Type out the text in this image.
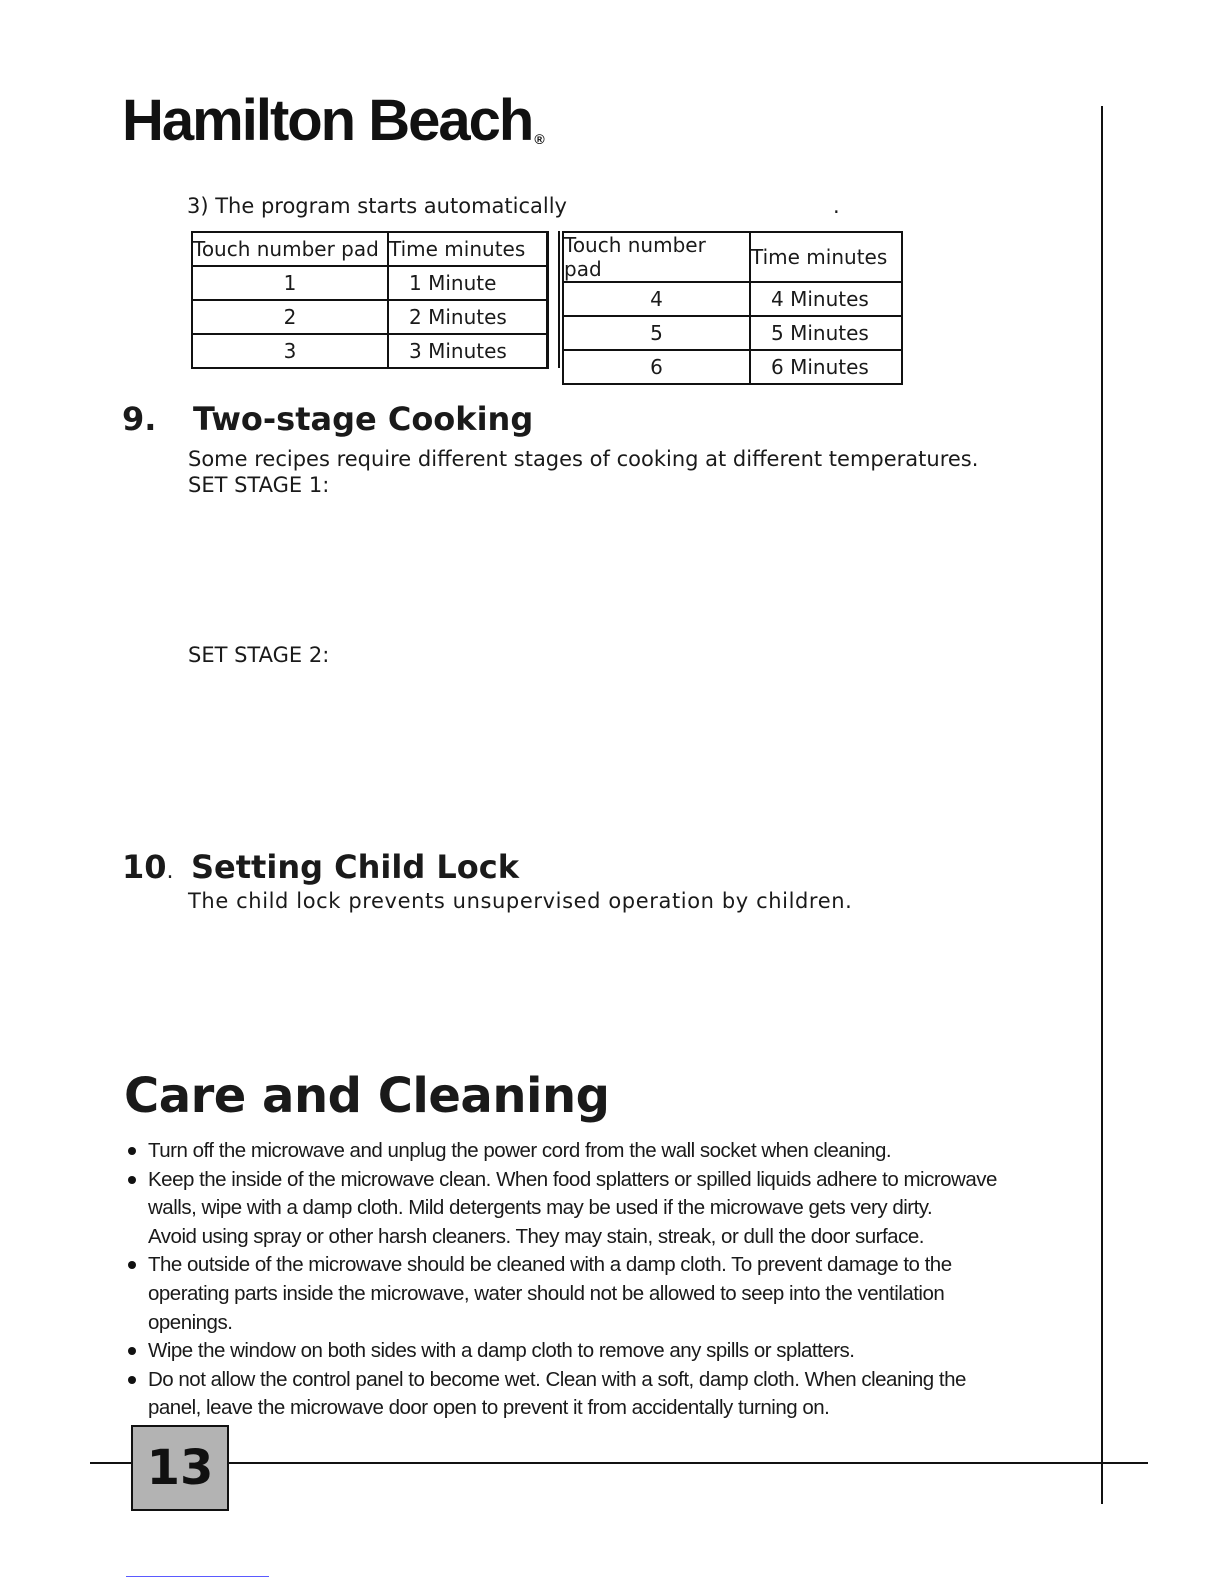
Hamilton Beach ®
3) The program starts automatically	.
Touch number pad	Time minutes
1	1 Minute
2	2 Minutes
3	3 Minutes
Touch number pad	Time minutes
4	4 Minutes
5	5 Minutes
6	6 Minutes
9. Two-stage Cooking
Some recipes require different stages of cooking at different temperatures.
SET STAGE 1:
SET STAGE 2:
10. Setting Child Lock
The child lock prevents unsupervised operation by children.
Care and Cleaning
Turn off the microwave and unplug the power cord from the wall socket when cleaning.
Keep the inside of the microwave clean. When food splatters or spilled liquids adhere to microwave
walls, wipe with a damp cloth. Mild detergents may be used if the microwave gets very dirty.
Avoid using spray or other harsh cleaners. They may stain, streak, or dull the door surface.
The outside of the microwave should be cleaned with a damp cloth. To prevent damage to the
operating parts inside the microwave, water should not be allowed to seep into the ventilation
openings.
Wipe the window on both sides with a damp cloth to remove any spills or splatters.
Do not allow the control panel to become wet. Clean with a soft, damp cloth. When cleaning the
panel, leave the microwave door open to prevent it from accidentally turning on.
13
